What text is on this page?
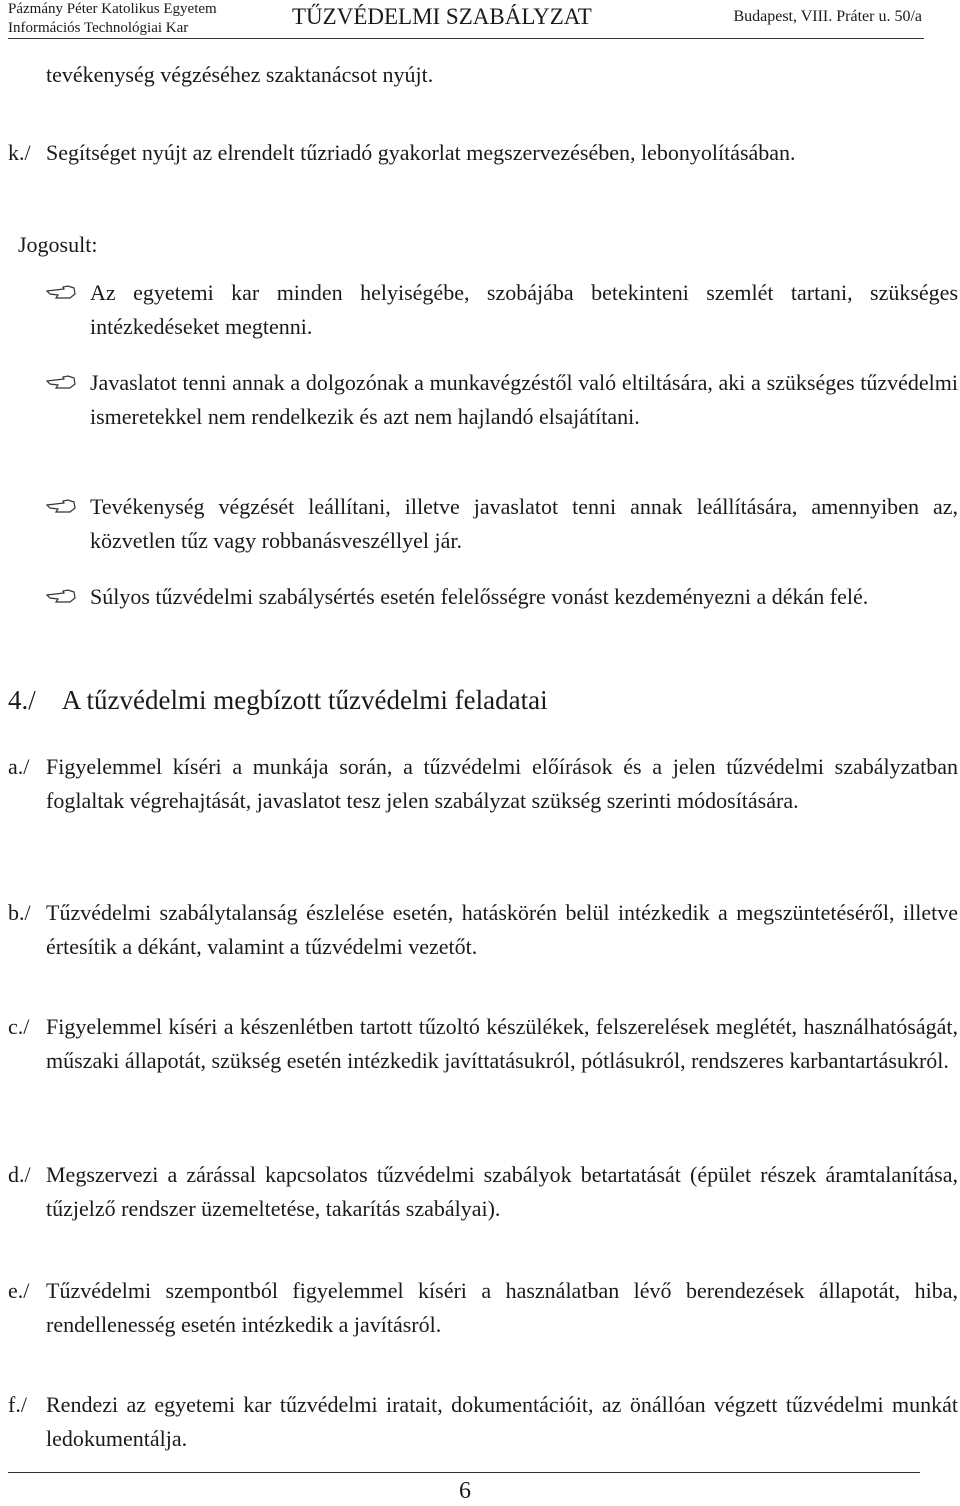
Pázmány Péter Katolikus Egyetem
Információs Technológiai Kar	TŰZVÉDELMI SZABÁLYZAT	Budapest, VIII. Práter u. 50/a

tevékenység végzéséhez szaktanácsot nyújt.

k./ Segítséget nyújt az elrendelt tűzriadó gyakorlat megszervezésében, lebonyolításában.

Jogosult:

Az egyetemi kar minden helyiségébe, szobájába betekinteni szemlét tartani, szükséges intézkedéseket megtenni.

Javaslatot tenni annak a dolgozónak a munkavégzéstől való eltiltására, aki a szükséges tűzvédelmi ismeretekkel nem rendelkezik és azt nem hajlandó elsajátítani.

Tevékenység végzését leállítani, illetve javaslatot tenni annak leállítására, amennyiben az, közvetlen tűz vagy robbanásveszéllyel jár.

Súlyos tűzvédelmi szabálysértés esetén felelősségre vonást kezdeményezni a dékán felé.

4./ A tűzvédelmi megbízott tűzvédelmi feladatai
a./ Figyelemmel kíséri a munkája során, a tűzvédelmi előírások és a jelen tűzvédelmi szabályzatban foglaltak végrehajtását, javaslatot tesz jelen szabályzat szükség szerinti módosítására.

b./ Tűzvédelmi szabálytalanság észlelése esetén, hatáskörén belül intézkedik a megszüntetéséről, illetve értesítik a dékánt, valamint a tűzvédelmi vezetőt.

c./ Figyelemmel kíséri a készenlétben tartott tűzoltó készülékek, felszerelések meglétét, használhatóságát, műszaki állapotát, szükség esetén intézkedik javíttatásukról, pótlásukról, rendszeres karbantartásukról.

d./ Megszervezi a zárással kapcsolatos tűzvédelmi szabályok betartatását (épület részek áramtalanítása, tűzjelző rendszer üzemeltetése, takarítás szabályai).

e./ Tűzvédelmi szempontból figyelemmel kíséri a használatban lévő berendezések állapotát, hiba, rendellenesség esetén intézkedik a javításról.

f./ Rendezi az egyetemi kar tűzvédelmi iratait, dokumentációit, az önállóan végzett tűzvédelmi munkát ledokumentálja.

6
